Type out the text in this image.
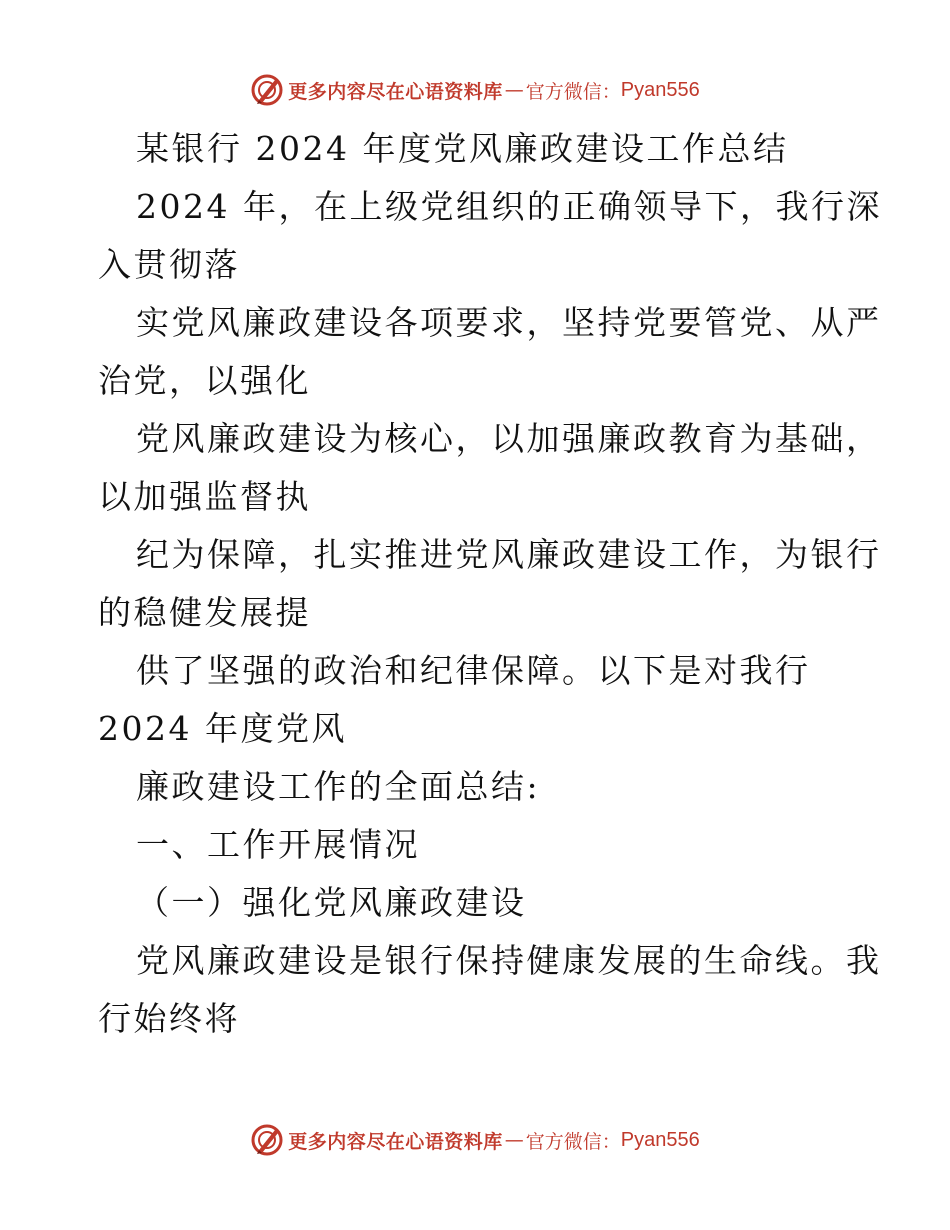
更多内容尽在心语资料库 — 官方微信： Pyan556
某银行 2024 年度党风廉政建设工作总结
2024 年，在上级党组织的正确领导下，我行深
入贯彻落
实党风廉政建设各项要求，坚持党要管党、从严
治党，以强化
党风廉政建设为核心，以加强廉政教育为基础，
以加强监督执
纪为保障，扎实推进党风廉政建设工作，为银行
的稳健发展提
供了坚强的政治和纪律保障。以下是对我行
2024 年度党风
廉政建设工作的全面总结:
一、工作开展情况
（一）强化党风廉政建设
党风廉政建设是银行保持健康发展的生命线。我
行始终将
更多内容尽在心语资料库 — 官方微信： Pyan556
